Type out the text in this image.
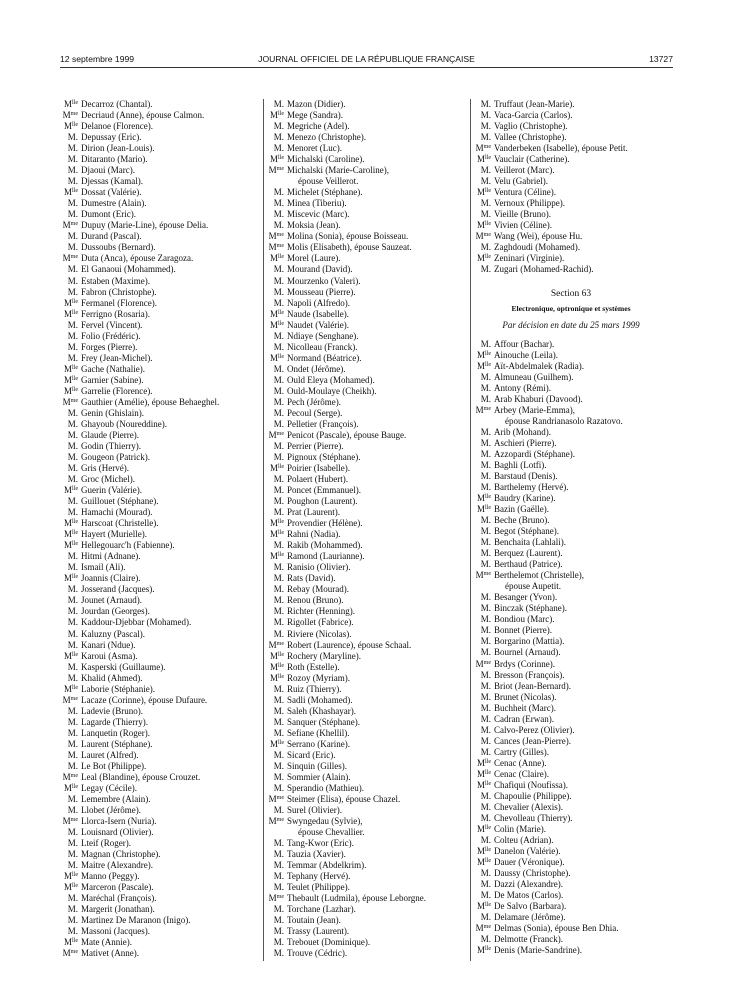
12 septembre 1999	JOURNAL OFFICIEL DE LA RÉPUBLIQUE FRANÇAISE	13727
$M^{lle}$ Decarroz (Chantal).
$M^{me}$ Decriaud (Anne), épouse Calmon.
$M^{lle}$ Delanoe (Florence).
M. Depussay (Eric).
M. Dirion (Jean-Louis).
M. Ditaranto (Mario).
M. Djaoui (Marc).
M. Djessas (Kamal).
$M^{lle}$ Dossat (Valérie).
M. Dumestre (Alain).
M. Dumont (Eric).
$M^{me}$ Dupuy (Marie-Line), épouse Delia.
M. Durand (Pascal).
M. Dussoubs (Bernard).
$M^{me}$ Duta (Anca), épouse Zaragoza.
M. El Ganaoui (Mohammed).
M. Estaben (Maxime).
M. Fabron (Christophe).
$M^{lle}$ Fermanel (Florence).
$M^{lle}$ Ferrigno (Rosaria).
M. Fervel (Vincent).
M. Folio (Frédéric).
M. Forges (Pierre).
M. Frey (Jean-Michel).
$M^{lle}$ Gache (Nathalie).
$M^{lle}$ Garnier (Sabine).
$M^{lle}$ Garrelie (Florence).
$M^{me}$ Gauthier (Amélie), épouse Behaeghel.
M. Genin (Ghislain).
M. Ghayoub (Noureddine).
M. Glaude (Pierre).
M. Godin (Thierry).
M. Gougeon (Patrick).
M. Gris (Hervé).
M. Groc (Michel).
$M^{lle}$ Guerin (Valérie).
M. Guillouet (Stéphane).
M. Hamachi (Mourad).
$M^{lle}$ Harscoat (Christelle).
$M^{lle}$ Hayert (Murielle).
$M^{lle}$ Hellegouarc'h (Fabienne).
M. Hitmi (Adnane).
M. Ismail (Ali).
$M^{lle}$ Joannis (Claire).
M. Josserand (Jacques).
M. Jounet (Arnaud).
M. Jourdan (Georges).
M. Kaddour-Djebbar (Mohamed).
M. Kaluzny (Pascal).
M. Kanari (Ndue).
$M^{lle}$ Karoui (Asma).
M. Kasperski (Guillaume).
M. Khalid (Ahmed).
$M^{lle}$ Laborie (Stéphanie).
$M^{me}$ Lacaze (Corinne), épouse Dufaure.
M. Ladevie (Bruno).
M. Lagarde (Thierry).
M. Lanquetin (Roger).
M. Laurent (Stéphane).
M. Lauret (Alfred).
M. Le Bot (Philippe).
$M^{me}$ Leal (Blandine), épouse Crouzet.
$M^{lle}$ Legay (Cécile).
M. Lemembre (Alain).
M. Llobet (Jérôme).
$M^{me}$ Llorca-Isern (Nuria).
M. Louisnard (Olivier).
M. Lteif (Roger).
M. Magnan (Christophe).
M. Maitre (Alexandre).
$M^{lle}$ Manno (Peggy).
$M^{lle}$ Marceron (Pascale).
M. Maréchal (François).
M. Margerit (Jonathan).
M. Martinez De Maranon (Inigo).
M. Massoni (Jacques).
$M^{lle}$ Mate (Annie).
$M^{me}$ Mativet (Anne).
M. Mazon (Didier).
$M^{lle}$ Mege (Sandra).
M. Megriche (Adel).
M. Menezo (Christophe).
M. Menoret (Luc).
$M^{lle}$ Michalski (Caroline).
$M^{me}$ Michalski (Marie-Caroline),
épouse Veillerot.
M. Michelet (Stéphane).
M. Minea (Tiberiu).
M. Miscevic (Marc).
M. Moksia (Jean).
$M^{me}$ Molina (Sonia), épouse Boisseau.
$M^{me}$ Molis (Elisabeth), épouse Sauzeat.
$M^{lle}$ Morel (Laure).
M. Mourand (David).
M. Mourzenko (Valeri).
M. Mousseau (Pierre).
M. Napoli (Alfredo).
$M^{lle}$ Naude (Isabelle).
$M^{lle}$ Naudet (Valérie).
M. Ndiaye (Senghane).
M. Nicolleau (Franck).
$M^{lle}$ Normand (Béatrice).
M. Ondet (Jérôme).
M. Ould Eleya (Mohamed).
M. Ould-Moulaye (Cheikh).
M. Pech (Jérôme).
M. Pecoul (Serge).
M. Pelletier (François).
$M^{me}$ Penicot (Pascale), épouse Bauge.
M. Perrier (Pierre).
M. Pignoux (Stéphane).
$M^{lle}$ Poirier (Isabelle).
M. Polaert (Hubert).
M. Poncet (Emmanuel).
M. Poughon (Laurent).
M. Prat (Laurent).
$M^{lle}$ Provendier (Hélène).
$M^{lle}$ Rahni (Nadia).
M. Rakib (Mohammed).
$M^{lle}$ Ramond (Laurianne).
M. Ranisio (Olivier).
M. Rats (David).
M. Rebay (Mourad).
M. Renou (Bruno).
M. Richter (Henning).
M. Rigollet (Fabrice).
M. Riviere (Nicolas).
$M^{me}$ Robert (Laurence), épouse Schaal.
$M^{lle}$ Rochery (Maryline).
$M^{lle}$ Roth (Estelle).
$M^{lle}$ Rozoy (Myriam).
M. Ruiz (Thierry).
M. Sadli (Mohamed).
M. Saleh (Khashayar).
M. Sanquer (Stéphane).
M. Sefiane (Khellil).
$M^{lle}$ Serrano (Karine).
M. Sicard (Eric).
M. Sinquin (Gilles).
M. Sommier (Alain).
M. Sperandio (Mathieu).
$M^{me}$ Steimer (Elisa), épouse Chazel.
M. Surel (Olivier).
$M^{me}$ Swyngedau (Sylvie),
épouse Chevallier.
M. Tang-Kwor (Eric).
M. Tauzia (Xavier).
M. Temmar (Abdelkrim).
M. Tephany (Hervé).
M. Teulet (Philippe).
$M^{me}$ Thebault (Ludmila), épouse Leborgne.
M. Torchane (Lazhar).
M. Toutain (Jean).
M. Trassy (Laurent).
M. Trebouet (Dominique).
M. Trouve (Cédric).
M. Truffaut (Jean-Marie).
M. Vaca-Garcia (Carlos).
M. Vaglio (Christophe).
M. Vallee (Christophe).
$M^{me}$ Vanderbeken (Isabelle), épouse Petit.
$M^{lle}$ Vauclair (Catherine).
M. Veillerot (Marc).
M. Velu (Gabriel).
$M^{lle}$ Ventura (Céline).
M. Vernoux (Philippe).
M. Vieille (Bruno).
$M^{lle}$ Vivien (Céline).
$M^{me}$ Wang (Wei), épouse Hu.
M. Zaghdoudi (Mohamed).
$M^{lle}$ Zeninari (Virginie).
M. Zugari (Mohamed-Rachid).
Section 63
Electronique, optronique et systèmes
Par décision en date du 25 mars 1999
M. Affour (Bachar).
$M^{lle}$ Ainouche (Leila).
$M^{lle}$ Aït-Abdelmalek (Radia).
M. Almuneau (Guilhem).
M. Antony (Rémi).
M. Arab Khaburi (Davood).
$M^{me}$ Arbey (Marie-Emma),
épouse Randrianasolo Razatovo.
M. Arib (Mohand).
M. Aschieri (Pierre).
M. Azzopardi (Stéphane).
M. Baghli (Lotfi).
M. Barstaud (Denis).
M. Barthelemy (Hervé).
$M^{lle}$ Baudry (Karine).
$M^{lle}$ Bazin (Gaëlle).
M. Beche (Bruno).
M. Begot (Stéphane).
M. Benchaita (Lahlali).
M. Berquez (Laurent).
M. Berthaud (Patrice).
$M^{me}$ Berthelemot (Christelle),
épouse Aupetit.
M. Besanger (Yvon).
M. Binczak (Stéphane).
M. Bondiou (Marc).
M. Bonnet (Pierre).
M. Borgarino (Mattia).
M. Bournel (Arnaud).
$M^{me}$ Brdys (Corinne).
M. Bresson (François).
M. Briot (Jean-Bernard).
M. Brunet (Nicolas).
M. Buchheit (Marc).
M. Cadran (Erwan).
M. Calvo-Perez (Olivier).
M. Cances (Jean-Pierre).
M. Cartry (Gilles).
$M^{lle}$ Cenac (Anne).
$M^{lle}$ Cenac (Claire).
$M^{lle}$ Chafiqui (Noufissa).
M. Chapoulie (Philippe).
M. Chevalier (Alexis).
M. Chevolleau (Thierry).
$M^{lle}$ Colin (Marie).
M. Colteu (Adrian).
$M^{lle}$ Danelon (Valérie).
$M^{lle}$ Dauer (Véronique).
M. Daussy (Christophe).
M. Dazzi (Alexandre).
M. De Matos (Carlos).
$M^{lle}$ De Salvo (Barbara).
M. Delamare (Jérôme).
$M^{me}$ Delmas (Sonia), épouse Ben Dhia.
M. Delmotte (Franck).
$M^{lle}$ Denis (Marie-Sandrine).
